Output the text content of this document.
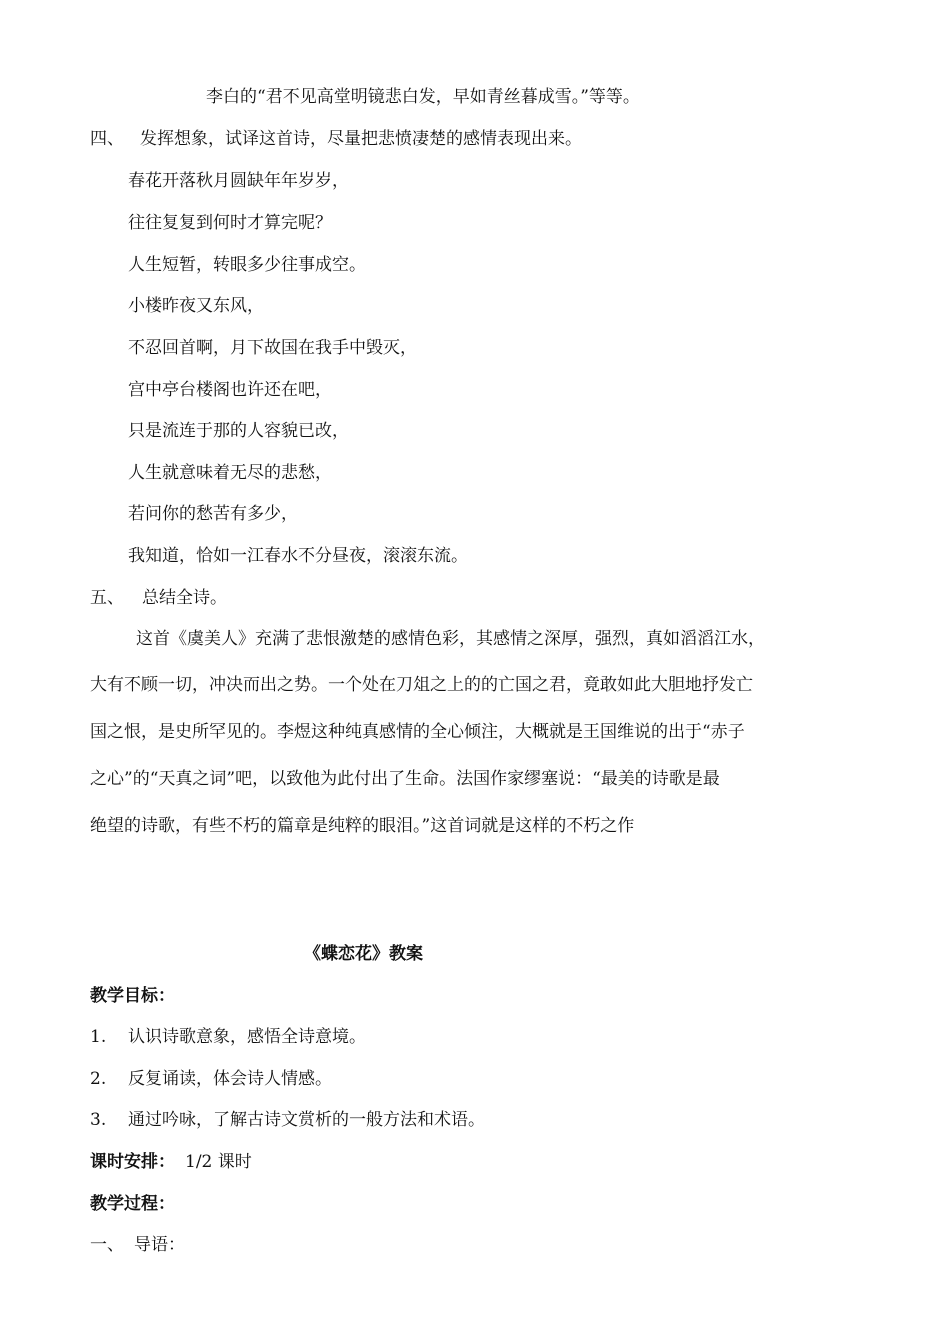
李白的“君不见高堂明镜悲白发，早如青丝暮成雪。”等等。
四、 发挥想象，试译这首诗，尽量把悲愤凄楚的感情表现出来。
春花开落秋月圆缺年年岁岁，
往往复复到何时才算完呢？
人生短暂，转眼多少往事成空。
小楼昨夜又东风，
不忍回首啊，月下故国在我手中毁灭，
宫中亭台楼阁也许还在吧，
只是流连于那的人容貌已改，
人生就意味着无尽的悲愁，
若问你的愁苦有多少，
我知道，恰如一江春水不分昼夜，滚滚东流。
五、 总结全诗。
这首《虞美人》充满了悲恨激楚的感情色彩，其感情之深厚，强烈，真如滔滔江水，
大有不顾一切，冲决而出之势。一个处在刀俎之上的的亡国之君，竟敢如此大胆地抒发亡
国之恨，是史所罕见的。李煜这种纯真感情的全心倾注，大概就是王国维说的出于“赤子
之心”的“天真之词”吧，以致他为此付出了生命。法国作家缪塞说：“最美的诗歌是最
绝望的诗歌，有些不朽的篇章是纯粹的眼泪。”这首词就是这样的不朽之作
《蝶恋花》教案
教学目标：
1. 认识诗歌意象，感悟全诗意境。
2. 反复诵读，体会诗人情感。
3. 通过吟咏，了解古诗文赏析的一般方法和术语。
课时安排： 1/2 课时
教学过程：
一、 导语：
